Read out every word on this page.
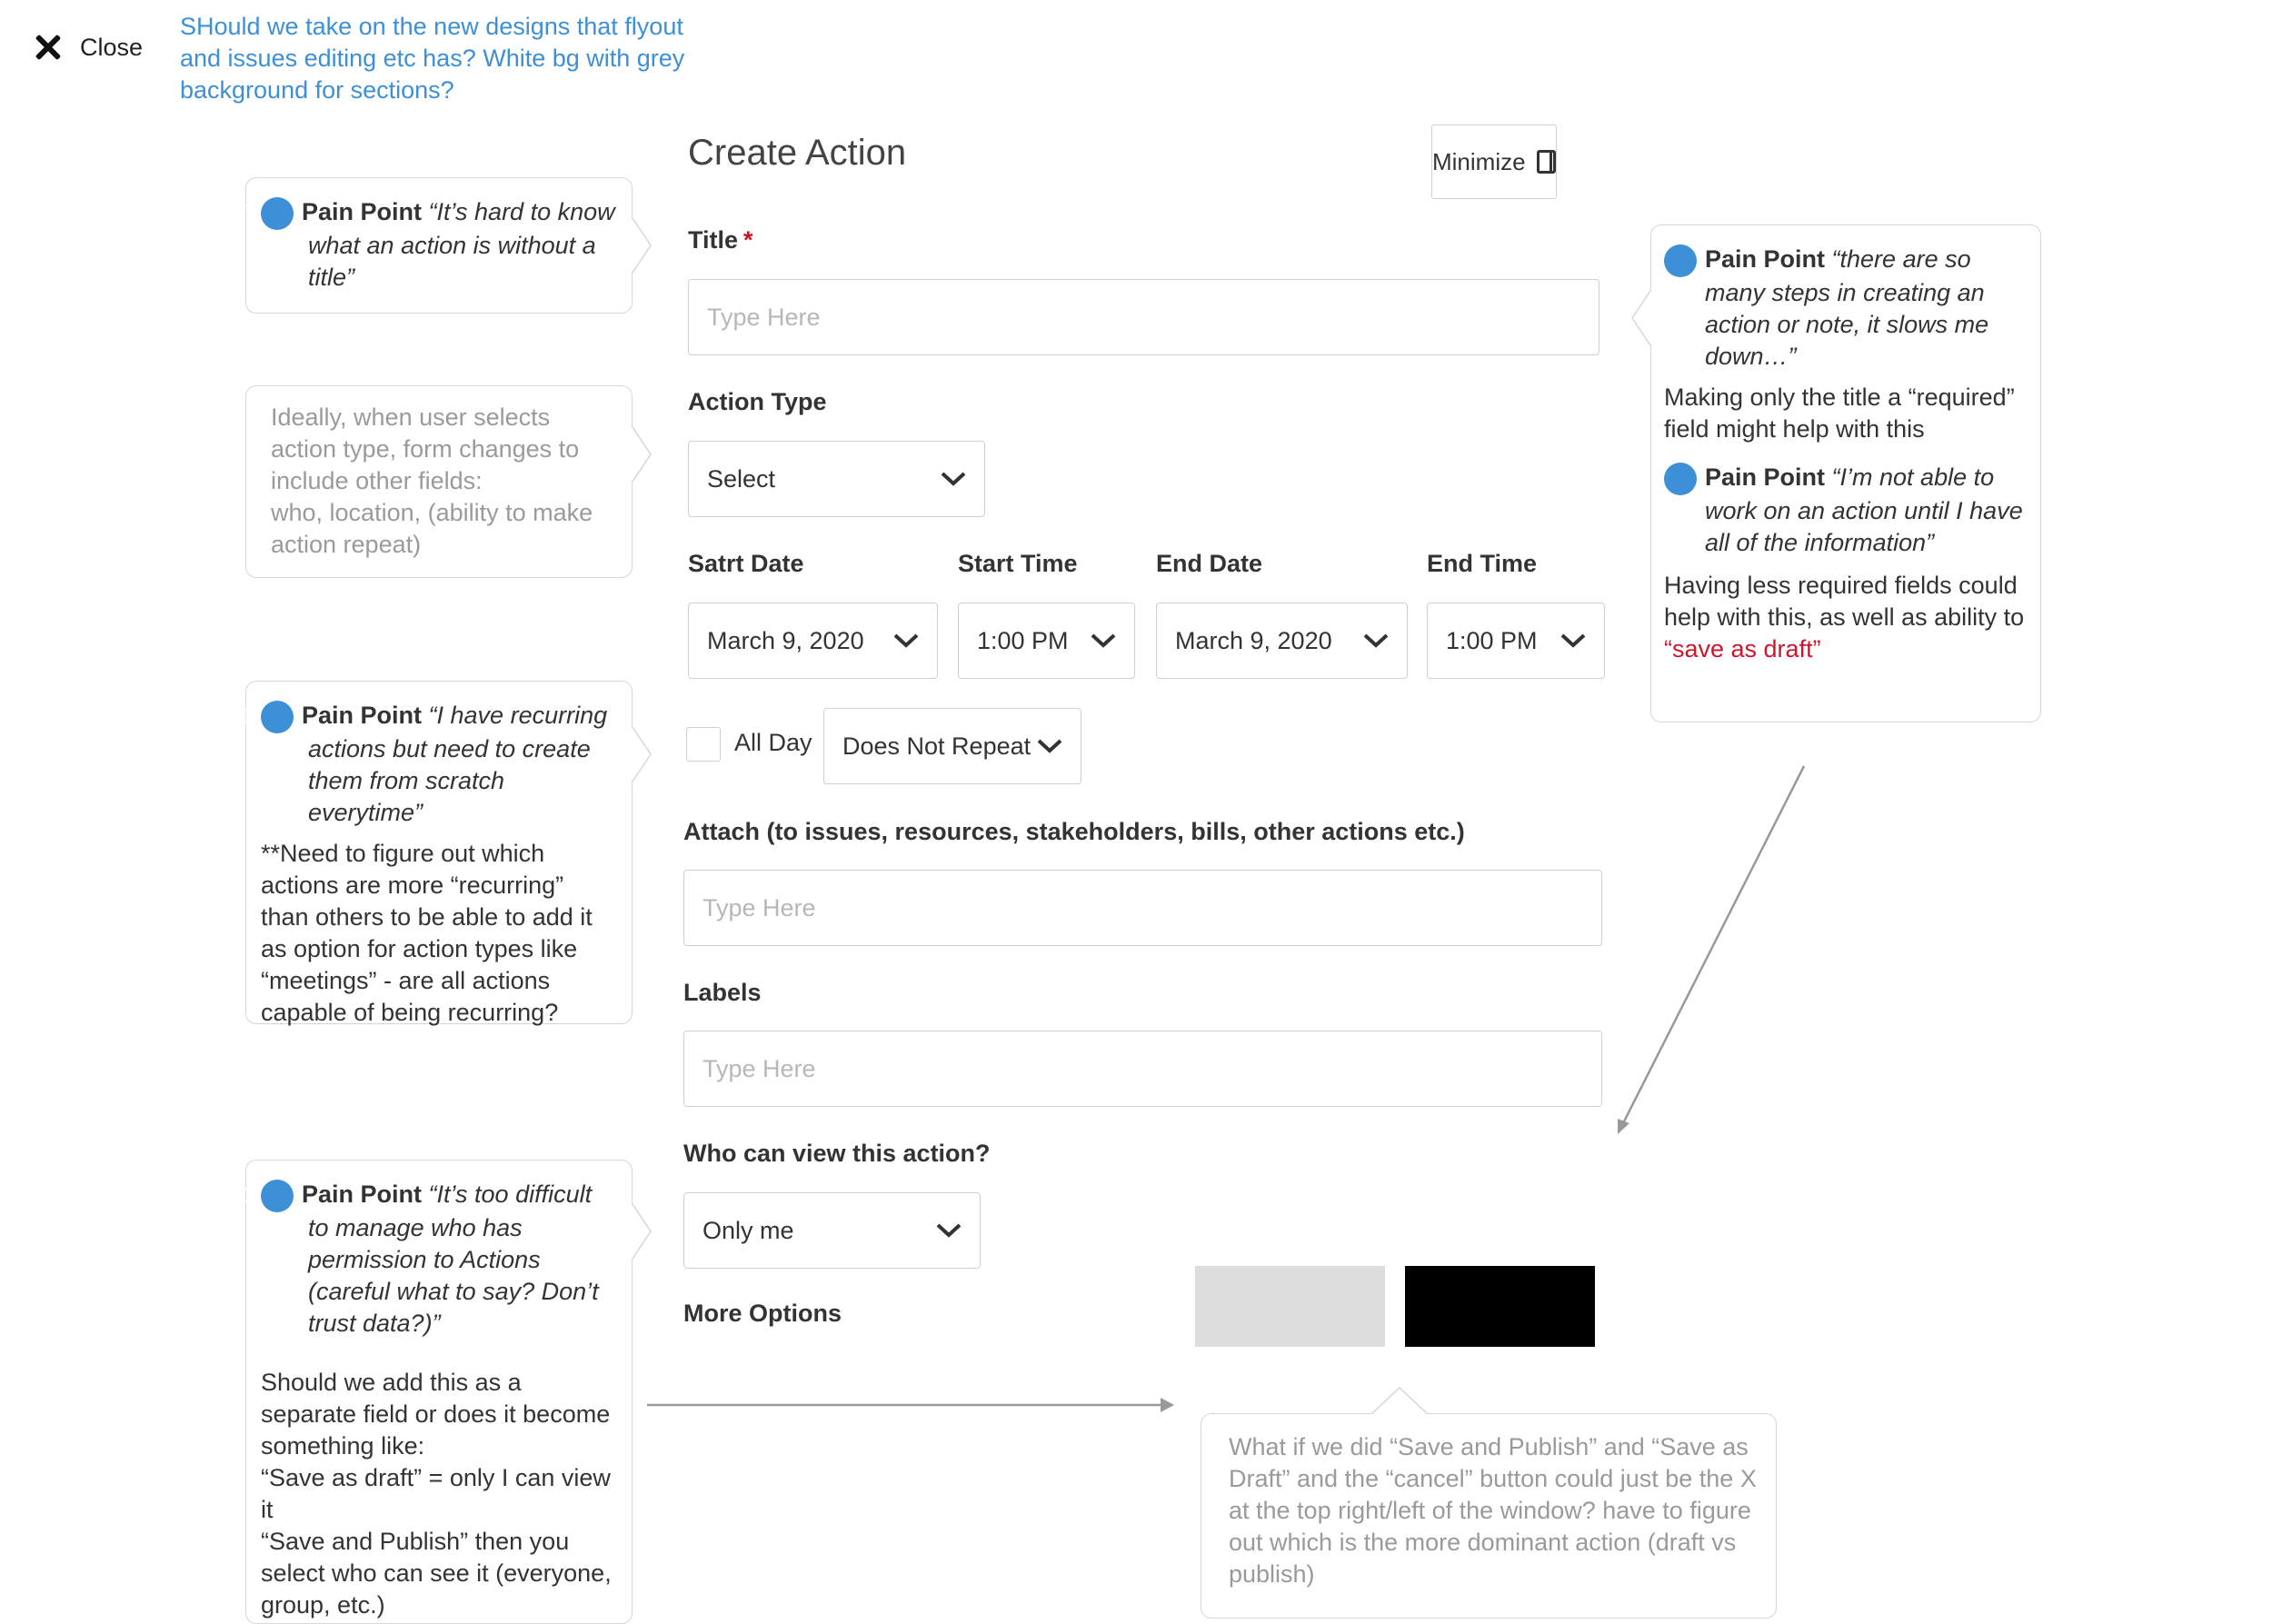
Close
SHould we take on the new designs that flyout and issues editing etc has? White bg with grey background for sections?
Create Action	Minimize
Title *
Type Here
Action Type
Select
Satrt Date	Start Time	End Date	End Time
March 9, 2020	1:00 PM	March 9, 2020	1:00 PM
All Day Does Not Repeat
Attach (to issues, resources, stakeholders, bills, other actions etc.)
Type Here
Labels
Type Here
Who can view this action?
Only me
More Options
27 Pain Point “It’s hard to know what an action is without a title”
Ideally, when user selects action type, form changes to include other fields:
who, location, (ability to make action repeat)
11 Pain Point “I have recurring actions but need to create them from scratch everytime”
**Need to figure out which actions are more “recurring” than others to be able to add it as option for action types like “meetings” - are all actions capable of being recurring?
30 Pain Point “It’s too difficult to manage who has permission to Actions (careful what to say? Don’t trust data?)”
Should we add this as a separate field or does it become something like:
“Save as draft” = only I can view it
“Save and Publish” then you select who can see it (everyone, group, etc.)
19 Pain Point “there are so many steps in creating an action or note, it slows me down…”
Making only the title a “required” field might help with this
22 Pain Point “I’m not able to work on an action until I have all of the information”
Having less required fields could help with this, as well as ability to “save as draft”
What if we did “Save and Publish” and “Save as Draft” and the “cancel” button could just be the X at the top right/left of the window? have to figure out which is the more dominant action (draft vs publish)
